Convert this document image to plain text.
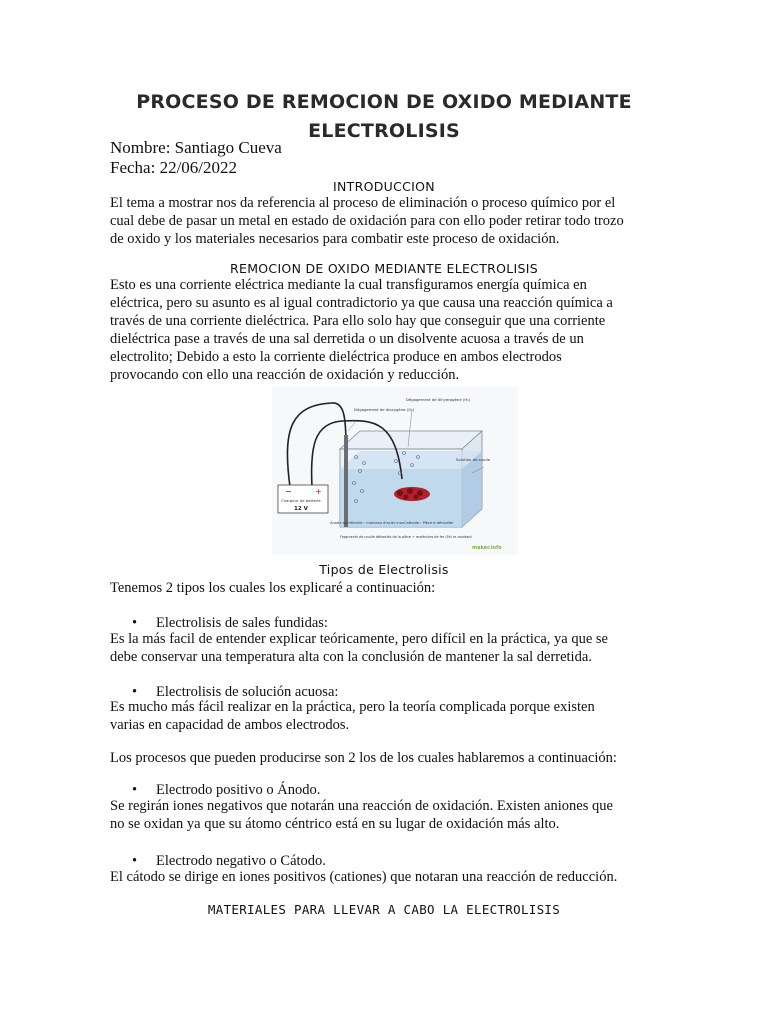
PROCESO DE REMOCION DE OXIDO MEDIANTE
ELECTROLISIS
Nombre: Santiago Cueva
Fecha: 22/06/2022
INTRODUCCION
El tema a mostrar nos da referencia al proceso de eliminación o proceso químico por el
cual debe de pasar un metal en estado de oxidación para con ello poder retirar todo trozo
de oxido y los materiales necesarios para combatir este proceso de oxidación.
REMOCION DE OXIDO MEDIANTE ELECTROLISIS
Esto es una corriente eléctrica mediante la cual transfiguramos energía química en
eléctrica, pero su asunto es al igual contradictorio ya que causa una reacción química a
través de una corriente dieléctrica. Para ello solo hay que conseguir que una corriente
dieléctrica pase a través de una sal derretida o un disolvente acuosa a través de un
electrolito; Debido a esto la corriente dieléctrica produce en ambos electrodos
provocando con ello una reacción de oxidación y reducción.
−	+
Chargeur de batterie
12 V
Dégagement de dioxygène (O₂)
Dégagement de dihydrogène (H₂)
Solution de soude
Anode sacrificielle : morceau d'acier inox Cathode : Pièce à dérouiller
Fragments de rouille détachés de la pièce + molécules de fer (Fe) re-noirdant
maker.info
Tipos de Electrolisis
Tenemos 2 tipos los cuales los explicaré a continuación:
• Electrolisis de sales fundidas:
Es la más facil de entender explicar teóricamente, pero difícil en la práctica, ya que se
debe conservar una temperatura alta con la conclusión de mantener la sal derretida.
• Electrolisis de solución acuosa:
Es mucho más fácil realizar en la práctica, pero la teoría complicada porque existen
varias en capacidad de ambos electrodos.
Los procesos que pueden producirse son 2 los de los cuales hablaremos a continuación:
• Electrodo positivo o Ánodo.
Se regirán iones negativos que notarán una reacción de oxidación. Existen aniones que
no se oxidan ya que su átomo céntrico está en su lugar de oxidación más alto.
• Electrodo negativo o Cátodo.
El cátodo se dirige en iones positivos (cationes) que notaran una reacción de reducción.
MATERIALES PARA LLEVAR A CABO LA ELECTROLISIS
